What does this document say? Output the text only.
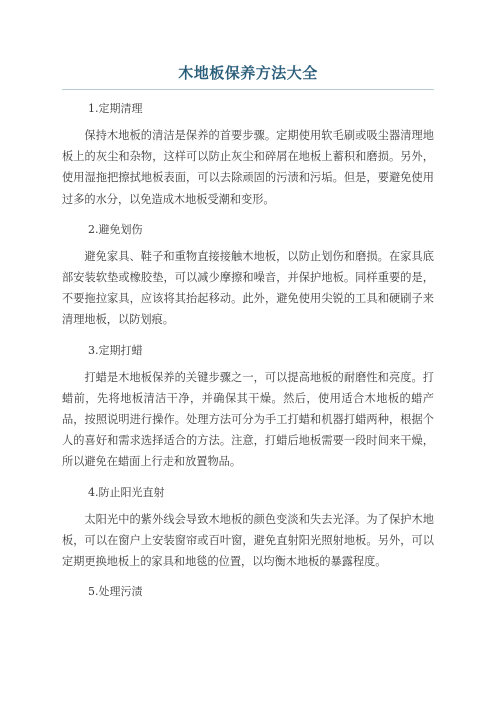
木地板保养方法大全

1.定期清理

保持木地板的清洁是保养的首要步骤。定期使用软毛刷或吸尘器清理地板上的灰尘和杂物，这样可以防止灰尘和碎屑在地板上蓄积和磨损。另外，使用湿拖把擦拭地板表面，可以去除顽固的污渍和污垢。但是，要避免使用过多的水分，以免造成木地板受潮和变形。

2.避免划伤

避免家具、鞋子和重物直接接触木地板，以防止划伤和磨损。在家具底部安装软垫或橡胶垫，可以减少摩擦和噪音，并保护地板。同样重要的是，不要拖拉家具，应该将其抬起移动。此外，避免使用尖锐的工具和硬刷子来清理地板，以防划痕。

3.定期打蜡

打蜡是木地板保养的关键步骤之一，可以提高地板的耐磨性和亮度。打蜡前，先将地板清洁干净，并确保其干燥。然后，使用适合木地板的蜡产品，按照说明进行操作。处理方法可分为手工打蜡和机器打蜡两种，根据个人的喜好和需求选择适合的方法。注意，打蜡后地板需要一段时间来干燥，所以避免在蜡面上行走和放置物品。

4.防止阳光直射

太阳光中的紫外线会导致木地板的颜色变淡和失去光泽。为了保护木地板，可以在窗户上安装窗帘或百叶窗，避免直射阳光照射地板。另外，可以定期更换地板上的家具和地毯的位置，以均衡木地板的暴露程度。

5.处理污渍
